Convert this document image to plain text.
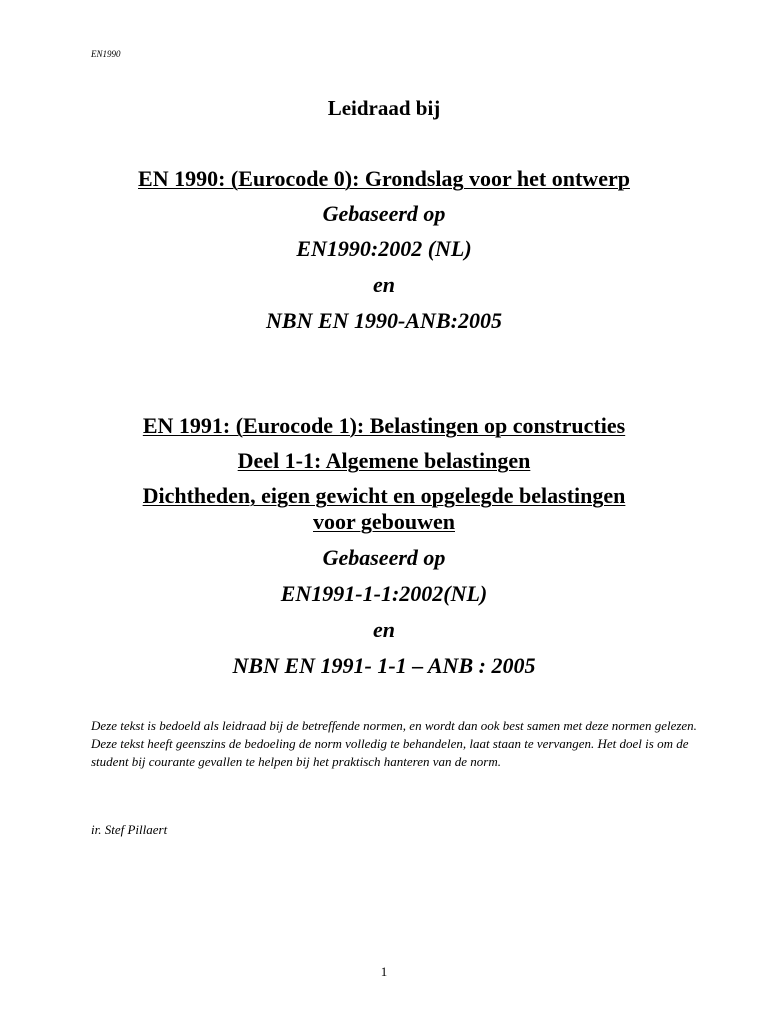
EN1990
Leidraad bij
EN 1990: (Eurocode 0): Grondslag voor het ontwerp
Gebaseerd op
EN1990:2002 (NL)
en
NBN EN 1990-ANB:2005
EN 1991: (Eurocode 1): Belastingen op constructies
Deel 1-1: Algemene belastingen
Dichtheden, eigen gewicht en opgelegde belastingen
voor gebouwen
Gebaseerd op
EN1991-1-1:2002(NL)
en
NBN EN 1991- 1-1 – ANB : 2005
Deze tekst is bedoeld als leidraad bij de betreffende normen, en wordt dan ook best samen met deze normen gelezen. Deze tekst heeft geenszins de bedoeling de norm volledig te behandelen, laat staan te vervangen. Het doel is om de student bij courante gevallen te helpen bij het praktisch hanteren van de norm.
ir. Stef Pillaert
1
